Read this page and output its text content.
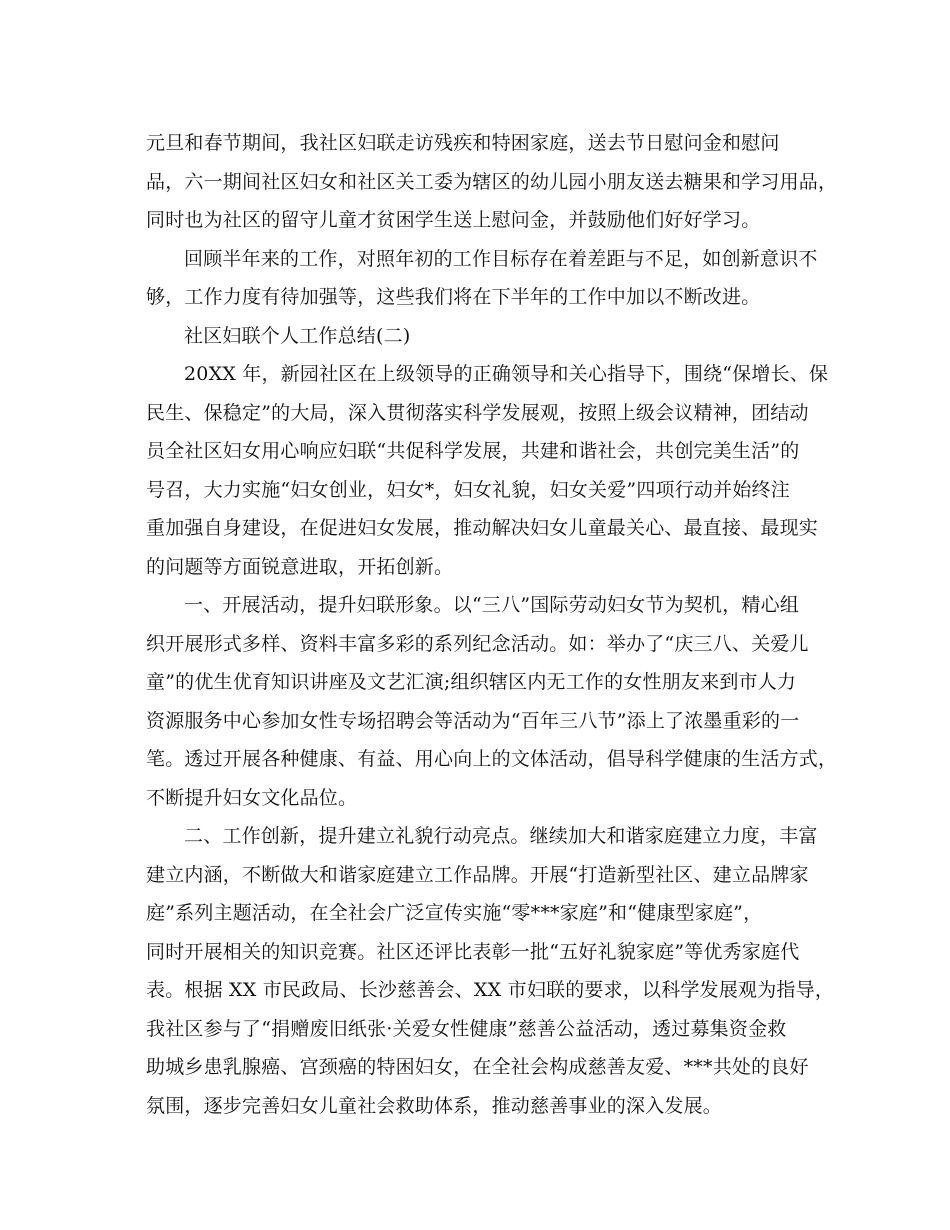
元旦和春节期间，我社区妇联走访残疾和特困家庭，送去节日慰问金和慰问
品，六一期间社区妇女和社区关工委为辖区的幼儿园小朋友送去糖果和学习用品，
同时也为社区的留守儿童才贫困学生送上慰问金，并鼓励他们好好学习。
回顾半年来的工作，对照年初的工作目标存在着差距与不足，如创新意识不
够，工作力度有待加强等，这些我们将在下半年的工作中加以不断改进。
社区妇联个人工作总结(二)
20XX 年，新园社区在上级领导的正确领导和关心指导下，围绕“保增长、保
民生、保稳定”的大局，深入贯彻落实科学发展观，按照上级会议精神，团结动
员全社区妇女用心响应妇联“共促科学发展，共建和谐社会，共创完美生活”的
号召，大力实施“妇女创业，妇女*，妇女礼貌，妇女关爱”四项行动并始终注
重加强自身建设，在促进妇女发展，推动解决妇女儿童最关心、最直接、最现实
的问题等方面锐意进取，开拓创新。
一、开展活动，提升妇联形象。以“三八”国际劳动妇女节为契机，精心组
织开展形式多样、资料丰富多彩的系列纪念活动。如：举办了“庆三八、关爱儿
童”的优生优育知识讲座及文艺汇演;组织辖区内无工作的女性朋友来到市人力
资源服务中心参加女性专场招聘会等活动为“百年三八节”添上了浓墨重彩的一
笔。透过开展各种健康、有益、用心向上的文体活动，倡导科学健康的生活方式，
不断提升妇女文化品位。
二、工作创新，提升建立礼貌行动亮点。继续加大和谐家庭建立力度，丰富
建立内涵，不断做大和谐家庭建立工作品牌。开展“打造新型社区、建立品牌家
庭”系列主题活动，在全社会广泛宣传实施“零***家庭”和“健康型家庭”，
同时开展相关的知识竞赛。社区还评比表彰一批“五好礼貌家庭”等优秀家庭代
表。根据 XX 市民政局、长沙慈善会、XX 市妇联的要求，以科学发展观为指导，
我社区参与了“捐赠废旧纸张·关爱女性健康”慈善公益活动，透过募集资金救
助城乡患乳腺癌、宫颈癌的特困妇女，在全社会构成慈善友爱、***共处的良好
氛围，逐步完善妇女儿童社会救助体系，推动慈善事业的深入发展。
